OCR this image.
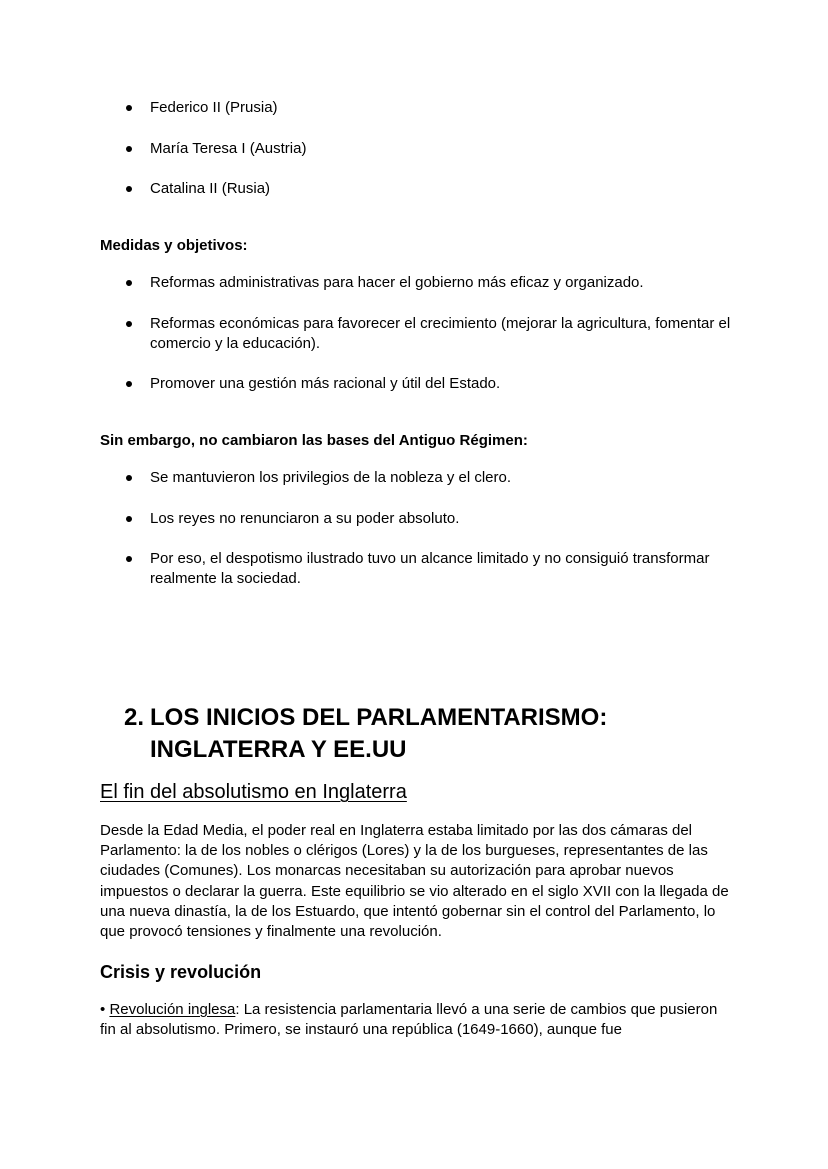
Federico II (Prusia)
María Teresa I (Austria)
Catalina II (Rusia)
Medidas y objetivos:
Reformas administrativas para hacer el gobierno más eficaz y organizado.
Reformas económicas para favorecer el crecimiento (mejorar la agricultura, fomentar el comercio y la educación).
Promover una gestión más racional y útil del Estado.
Sin embargo, no cambiaron las bases del Antiguo Régimen:
Se mantuvieron los privilegios de la nobleza y el clero.
Los reyes no renunciaron a su poder absoluto.
Por eso, el despotismo ilustrado tuvo un alcance limitado y no consiguió transformar realmente la sociedad.
2. LOS INICIOS DEL PARLAMENTARISMO: INGLATERRA Y EE.UU
El fin del absolutismo en Inglaterra
Desde la Edad Media, el poder real en Inglaterra estaba limitado por las dos cámaras del Parlamento: la de los nobles o clérigos (Lores) y la de los burgueses, representantes de las ciudades (Comunes). Los monarcas necesitaban su autorización para aprobar nuevos impuestos o declarar la guerra. Este equilibrio se vio alterado en el siglo XVII con la llegada de una nueva dinastía, la de los Estuardo, que intentó gobernar sin el control del Parlamento, lo que provocó tensiones y finalmente una revolución.
Crisis y revolución
• Revolución inglesa: La resistencia parlamentaria llevó a una serie de cambios que pusieron fin al absolutismo. Primero, se instauró una república (1649-1660), aunque fue
